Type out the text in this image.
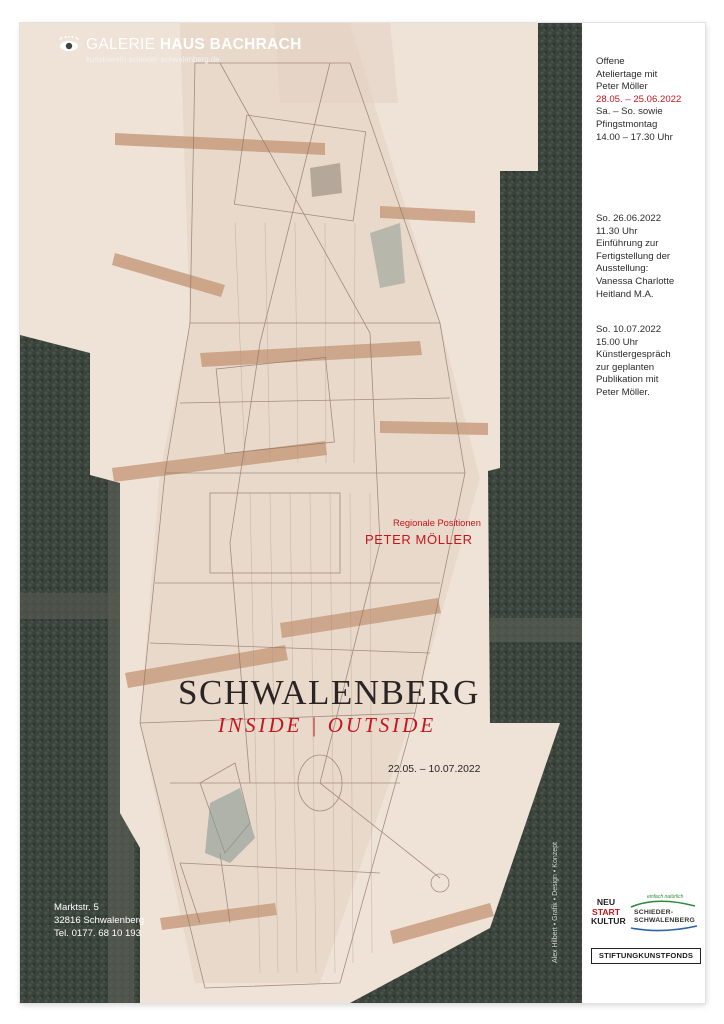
GALERIE HAUS BACHRACH
kunstverein-schieder-schwalenberg.de
Regionale Positionen
PETER MÖLLER
SCHWALENBERG
INSIDE | OUTSIDE
22.05. – 10.07.2022
Marktstr. 5
32816 Schwalenberg
Tel. 0177. 68 10 193	Alex Hilbert • Grafik • Design • Konzept
Offene
Ateliertage mit
Peter Möller
28.05. – 25.06.2022
Sa. – So. sowie
Pfingstmontag
14.00 – 17.30 Uhr
So. 26.06.2022
11.30 Uhr
Einführung zur
Fertigstellung der
Ausstellung:
Vanessa Charlotte
Heitland M.A.
So. 10.07.2022
15.00 Uhr
Künstlergespräch
zur geplanten
Publikation mit
Peter Möller.
NEU
START
KULTUR
einfach natürlich
SCHIEDER-
SCHWALENBERG
STIFTUNGKUNSTFONDS
